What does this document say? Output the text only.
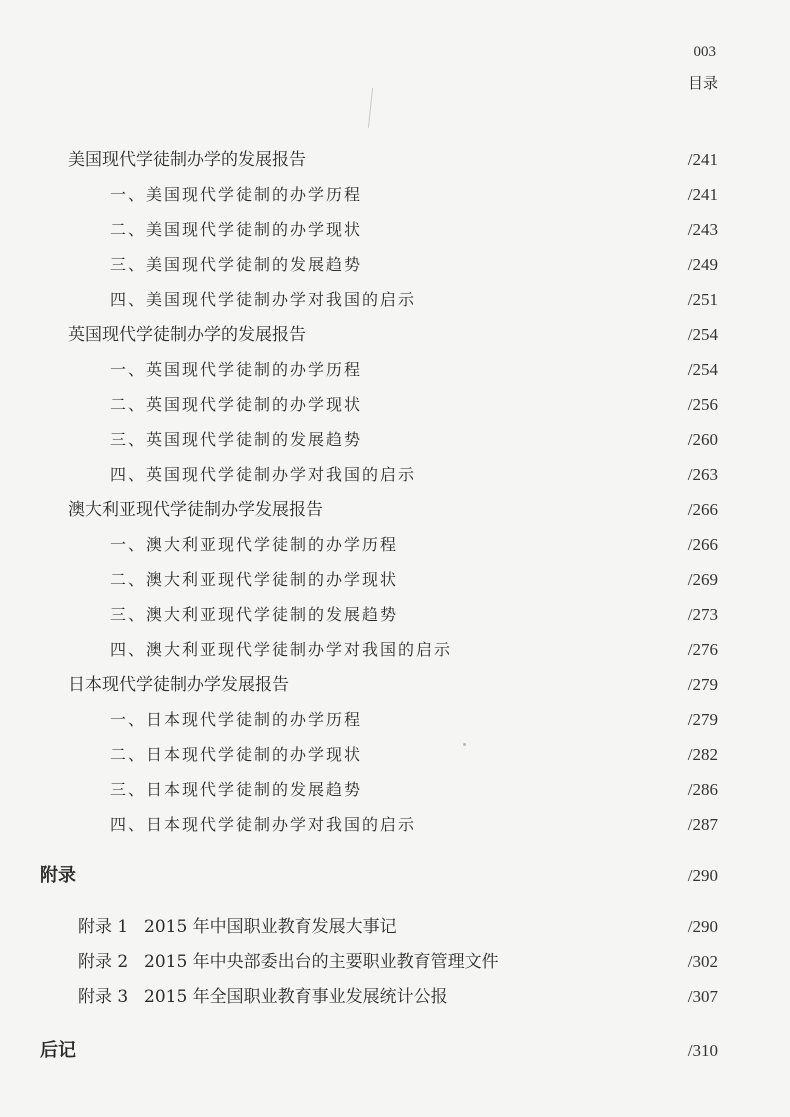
003
目录
美国现代学徒制办学的发展报告	/241
一、美国现代学徒制的办学历程	/241
二、美国现代学徒制的办学现状	/243
三、美国现代学徒制的发展趋势	/249
四、美国现代学徒制办学对我国的启示	/251
英国现代学徒制办学的发展报告	/254
一、英国现代学徒制的办学历程	/254
二、英国现代学徒制的办学现状	/256
三、英国现代学徒制的发展趋势	/260
四、英国现代学徒制办学对我国的启示	/263
澳大利亚现代学徒制办学发展报告	/266
一、澳大利亚现代学徒制的办学历程	/266
二、澳大利亚现代学徒制的办学现状	/269
三、澳大利亚现代学徒制的发展趋势	/273
四、澳大利亚现代学徒制办学对我国的启示	/276
日本现代学徒制办学发展报告	/279
一、日本现代学徒制的办学历程	/279
二、日本现代学徒制的办学现状	/282
三、日本现代学徒制的发展趋势	/286
四、日本现代学徒制办学对我国的启示	/287
附录	/290
附录 1 2015 年中国职业教育发展大事记	/290
附录 2 2015 年中央部委出台的主要职业教育管理文件	/302
附录 3 2015 年全国职业教育事业发展统计公报	/307
后记	/310
